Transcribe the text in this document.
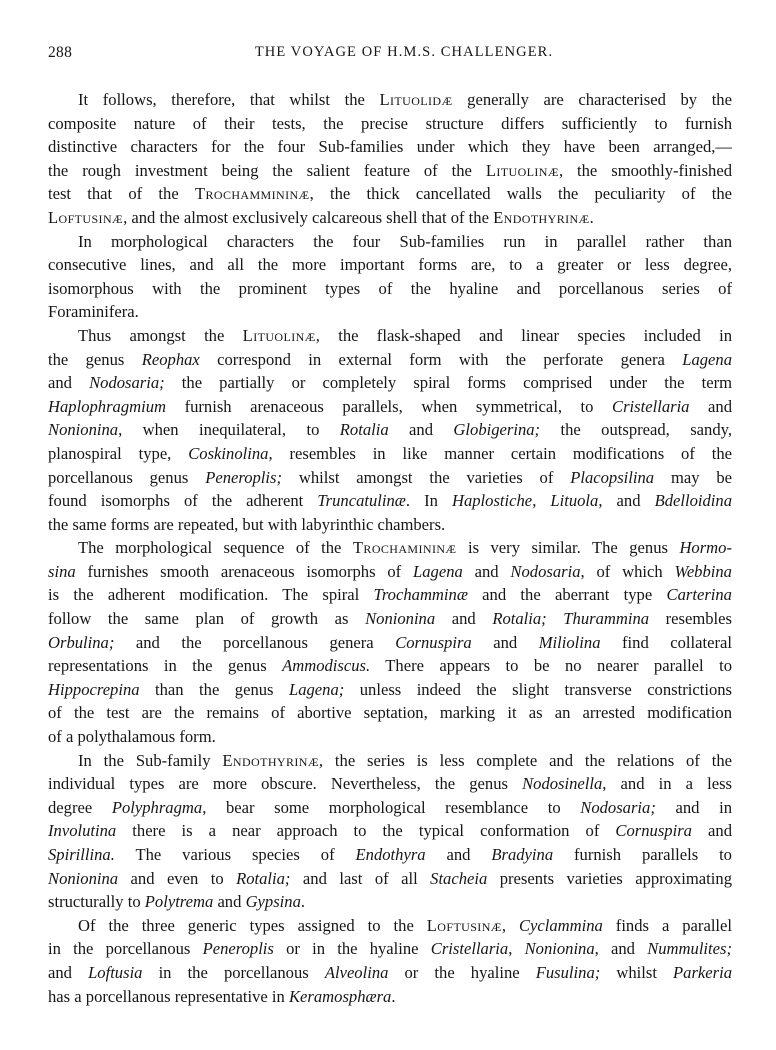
288	THE VOYAGE OF H.M.S. CHALLENGER.
It follows, therefore, that whilst the Lituolidæ generally are characterised by the
composite nature of their tests, the precise structure differs sufficiently to furnish
distinctive characters for the four Sub-families under which they have been arranged,—
the rough investment being the salient feature of the Lituolinæ, the smoothly-finished
test that of the Trochammininæ, the thick cancellated walls the peculiarity of the
Loftusinæ, and the almost exclusively calcareous shell that of the Endothyrinæ.
In morphological characters the four Sub-families run in parallel rather than
consecutive lines, and all the more important forms are, to a greater or less degree,
isomorphous with the prominent types of the hyaline and porcellanous series of
Foraminifera.
Thus amongst the Lituolinæ, the flask-shaped and linear species included in
the genus Reophax correspond in external form with the perforate genera Lagena
and Nodosaria; the partially or completely spiral forms comprised under the term
Haplophragmium furnish arenaceous parallels, when symmetrical, to Cristellaria and
Nonionina, when inequilateral, to Rotalia and Globigerina; the outspread, sandy,
planospiral type, Coskinolina, resembles in like manner certain modifications of the
porcellanous genus Peneroplis; whilst amongst the varieties of Placopsilina may be
found isomorphs of the adherent Truncatulinæ. In Haplostiche, Lituola, and Bdelloidina
the same forms are repeated, but with labyrinthic chambers.
The morphological sequence of the Trochamininæ is very similar. The genus Hormo-
sina furnishes smooth arenaceous isomorphs of Lagena and Nodosaria, of which Webbina
is the adherent modification. The spiral Trochamminæ and the aberrant type Carterina
follow the same plan of growth as Nonionina and Rotalia; Thurammina resembles
Orbulina; and the porcellanous genera Cornuspira and Miliolina find collateral
representations in the genus Ammodiscus. There appears to be no nearer parallel to
Hippocrepina than the genus Lagena; unless indeed the slight transverse constrictions
of the test are the remains of abortive septation, marking it as an arrested modification
of a polythalamous form.
In the Sub-family Endothyrinæ, the series is less complete and the relations of the
individual types are more obscure. Nevertheless, the genus Nodosinella, and in a less
degree Polyphragma, bear some morphological resemblance to Nodosaria; and in
Involutina there is a near approach to the typical conformation of Cornuspira and
Spirillina. The various species of Endothyra and Bradyina furnish parallels to
Nonionina and even to Rotalia; and last of all Stacheia presents varieties approximating
structurally to Polytrema and Gypsina.
Of the three generic types assigned to the Loftusinæ, Cyclammina finds a parallel
in the porcellanous Peneroplis or in the hyaline Cristellaria, Nonionina, and Nummulites;
and Loftusia in the porcellanous Alveolina or the hyaline Fusulina; whilst Parkeria
has a porcellanous representative in Keramosphæra.
